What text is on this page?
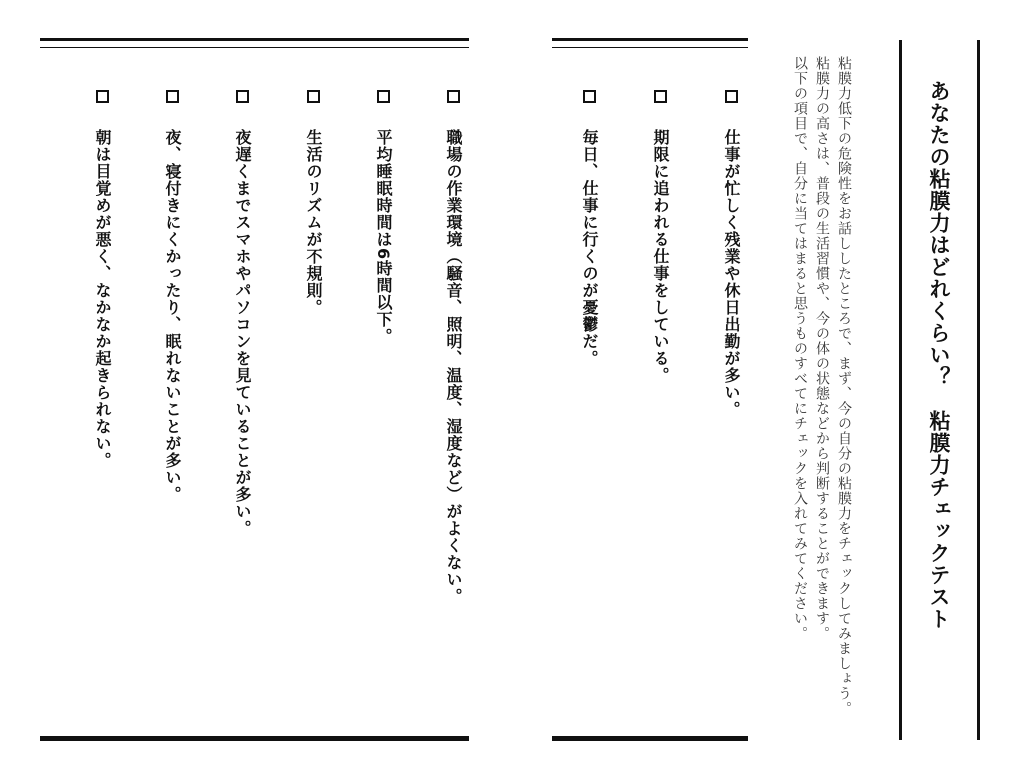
あなたの粘膜力はどれくらい？　粘膜力チェックテスト
粘膜力低下の危険性をお話ししたところで、まず、今の自分の粘膜力をチェックしてみましょう。
粘膜力の高さは、普段の生活習慣や、今の体の状態などから判断することができます。
以下の項目で、自分に当てはまると思うものすべてにチェックを入れてみてください。
仕事が忙しく残業や休日出勤が多い。
期限に追われる仕事をしている。
毎日、仕事に行くのが憂鬱だ。
職場の作業環境（騒音、照明、温度、湿度など）がよくない。
平均睡眠時間は6時間以下。
生活のリズムが不規則。
夜遅くまでスマホやパソコンを見ていることが多い。
夜、寝付きにくかったり、眠れないことが多い。
朝は目覚めが悪く、なかなか起きられない。
